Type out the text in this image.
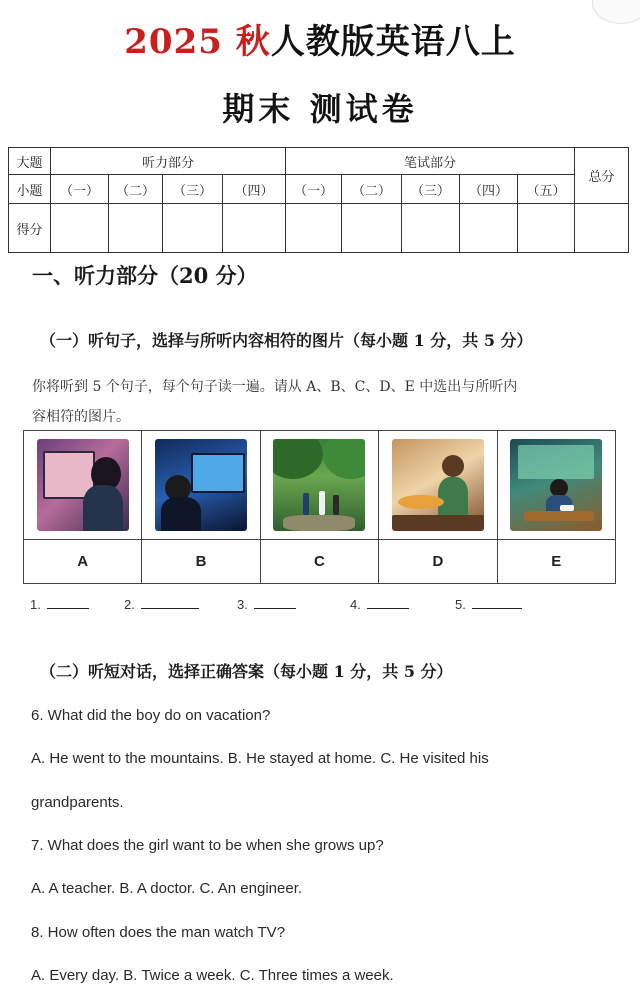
2025 秋人教版英语八上
期末 测试卷
大题	听力部分				笔试部分					总分
小题	（一）	（二）	（三）	（四）	（一）	（二）	（三）	（四）	（五）	
得分										
一、听力部分（20 分）
（一）听句子，选择与所听内容相符的图片（每小题 1 分，共 5 分）
你将听到 5 个句子，每个句子读一遍。请从 A、B、C、D、E 中选出与所听内
容相符的图片。

A	B	C	D	E
1.	2.	3.	4.	5.
（二）听短对话，选择正确答案（每小题 1 分，共 5 分）
6. What did the boy do on vacation?
A. He went to the mountains. B. He stayed at home. C. He visited his
grandparents.
7. What does the girl want to be when she grows up?
A. A teacher. B. A doctor. C. An engineer.
8. How often does the man watch TV?
A. Every day. B. Twice a week. C. Three times a week.
